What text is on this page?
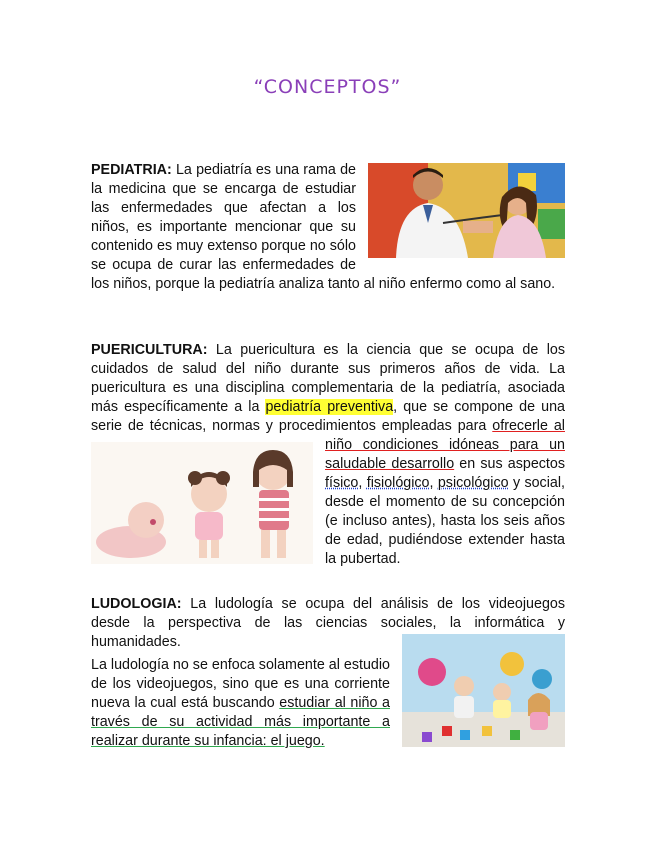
“CONCEPTOS”

PEDIATRIA: La pediatría es una rama de la medicina que se encarga de estudiar las enfermedades que afectan a los niños, es importante mencionar que su contenido es muy extenso porque no sólo se ocupa de curar las enfermedades de los niños, porque la pediatría analiza tanto al niño enfermo como al sano.

PUERICULTURA: La puericultura es la ciencia que se ocupa de los cuidados de salud del niño durante sus primeros años de vida. La puericultura es una disciplina complementaria de la pediatría, asociada más específicamente a la pediatría preventiva, que se compone de una serie de técnicas, normas y procedimientos empleadas para
ofrecerle al niño condiciones idóneas para un saludable desarrollo en sus aspectos físico, fisiológico, psicológico y social, desde el momento de su concepción (e incluso antes), hasta los seis años de edad, pudiéndose extender hasta la pubertad.

LUDOLOGIA: La ludología se ocupa del análisis de los videojuegos desde la perspectiva de las ciencias sociales, la informática y humanidades.

La ludología no se enfoca solamente al estudio de los videojuegos, sino que es una corriente nueva la cual está buscando estudiar al niño a través de su actividad más importante a realizar durante su infancia: el juego.
